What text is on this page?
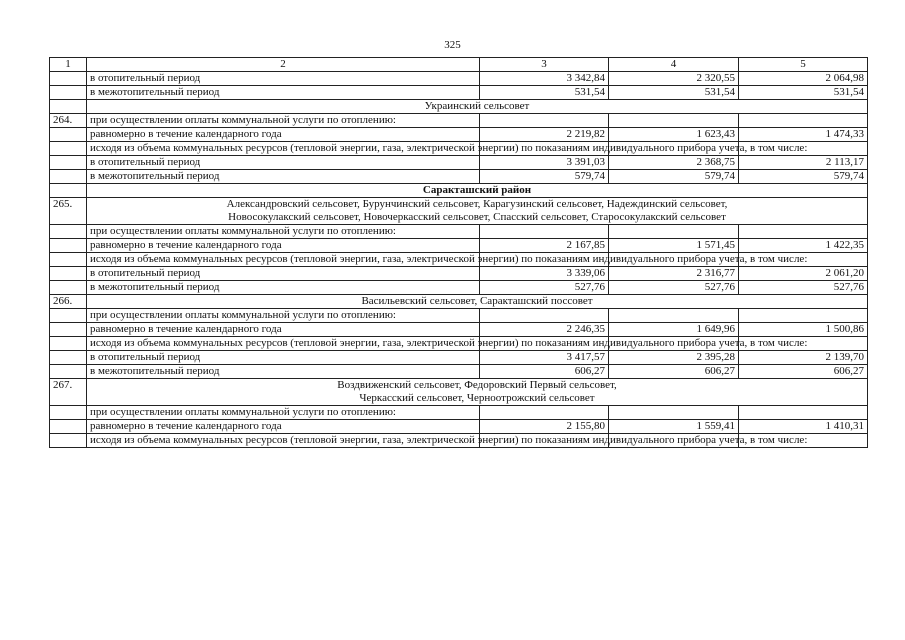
325
1	2	3	4	5
	в отопительный период	3 342,84	2 320,55	2 064,98
	в межотопительный период	531,54	531,54	531,54
	Украинский сельсовет			
264.	при осуществлении оплаты коммунальной услуги по отоплению:			
	равномерно в течение календарного года	2 219,82	1 623,43	1 474,33
	исходя из объема коммунальных ресурсов (тепловой энергии, газа, электрической энергии) по показаниям индивидуального прибора учета, в том числе:			
	в отопительный период	3 391,03	2 368,75	2 113,17
	в межотопительный период	579,74	579,74	579,74
	Саракташский район			
265.	Александровский сельсовет, Бурунчинский сельсовет, Карагузинский сельсовет, Надеждинский сельсовет,
Новосокулакский сельсовет, Новочеркасский сельсовет, Спасский сельсовет, Старосокулакский сельсовет			

	при осуществлении оплаты коммунальной услуги по отоплению:			
	равномерно в течение календарного года	2 167,85	1 571,45	1 422,35
	исходя из объема коммунальных ресурсов (тепловой энергии, газа, электрической энергии) по показаниям индивидуального прибора учета, в том числе:			
	в отопительный период	3 339,06	2 316,77	2 061,20
	в межотопительный период	527,76	527,76	527,76
266.	Васильевский сельсовет, Саракташский поссовет			
	при осуществлении оплаты коммунальной услуги по отоплению:			
	равномерно в течение календарного года	2 246,35	1 649,96	1 500,86
	исходя из объема коммунальных ресурсов (тепловой энергии, газа, электрической энергии) по показаниям индивидуального прибора учета, в том числе:			
	в отопительный период	3 417,57	2 395,28	2 139,70
	в межотопительный период	606,27	606,27	606,27
267.	Воздвиженский сельсовет, Федоровский Первый сельсовет,
Черкасский сельсовет, Черноотрожский сельсовет			

	при осуществлении оплаты коммунальной услуги по отоплению:			
	равномерно в течение календарного года	2 155,80	1 559,41	1 410,31
	исходя из объема коммунальных ресурсов (тепловой энергии, газа, электрической энергии) по показаниям индивидуального прибора учета, в том числе:			
